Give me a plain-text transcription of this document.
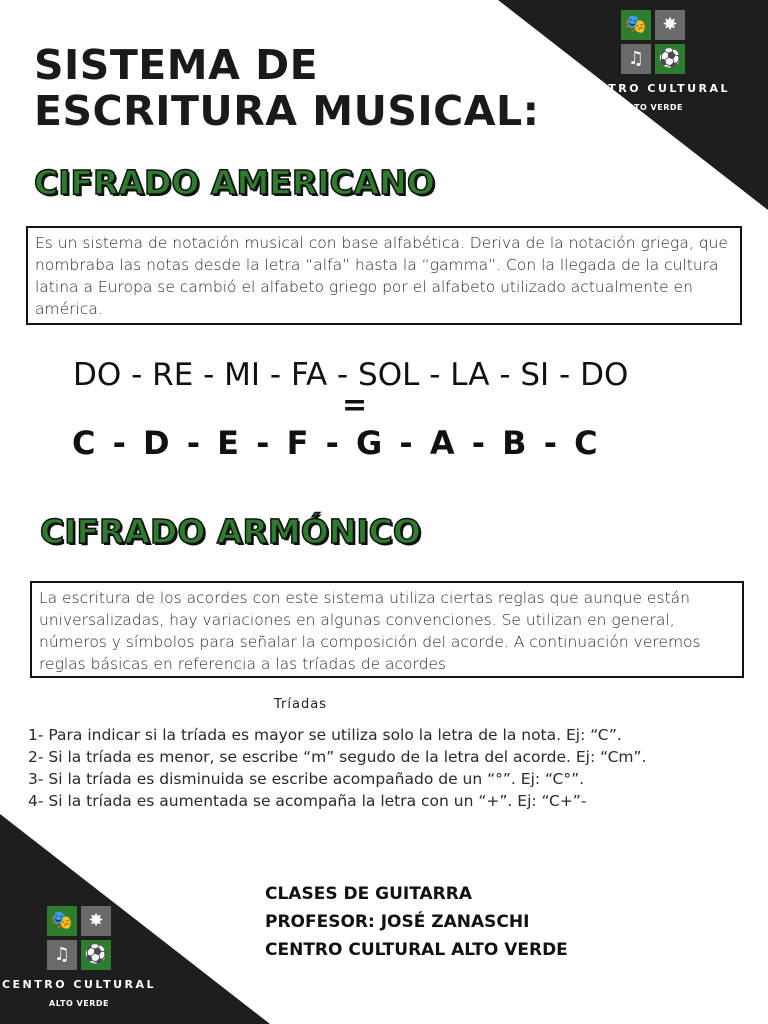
🎭 ✸
♫ ⚽
CENTRO CULTURAL
ALTO VERDE
SISTEMA DE
ESCRITURA MUSICAL:
CIFRADO AMERICANO

Es un sistema de notación musical con base alfabética. Deriva de la notación griega, que nombraba las notas desde la letra “alfa” hasta la “gamma”. Con la llegada de la cultura latina a Europa se cambió el alfabeto griego por el alfabeto utilizado actualmente en américa.

DO - RE - MI - FA - SOL - LA - SI - DO
=
C - D - E - F - G - A - B - C
CIFRADO ARMÓNICO

La escritura de los acordes con este sistema utiliza ciertas reglas que aunque están universalizadas, hay variaciones en algunas convenciones. Se utilizan en general, números y símbolos para señalar la composición del acorde. A continuación veremos reglas básicas en referencia a las tríadas de acordes

Tríadas
1- Para indicar si la tríada es mayor se utiliza solo la letra de la nota. Ej: “C”.
2- Si la tríada es menor, se escribe “m” segudo de la letra del acorde. Ej: “Cm”.
3- Si la tríada es disminuida se escribe acompañado de un “°”. Ej: “C°”.
4- Si la tríada es aumentada se acompaña la letra con un “+”. Ej: “C+”-
CLASES DE GUITARRA
PROFESOR: JOSÉ ZANASCHI
CENTRO CULTURAL ALTO VERDE
🎭 ✸
♫ ⚽
CENTRO CULTURAL
ALTO VERDE
